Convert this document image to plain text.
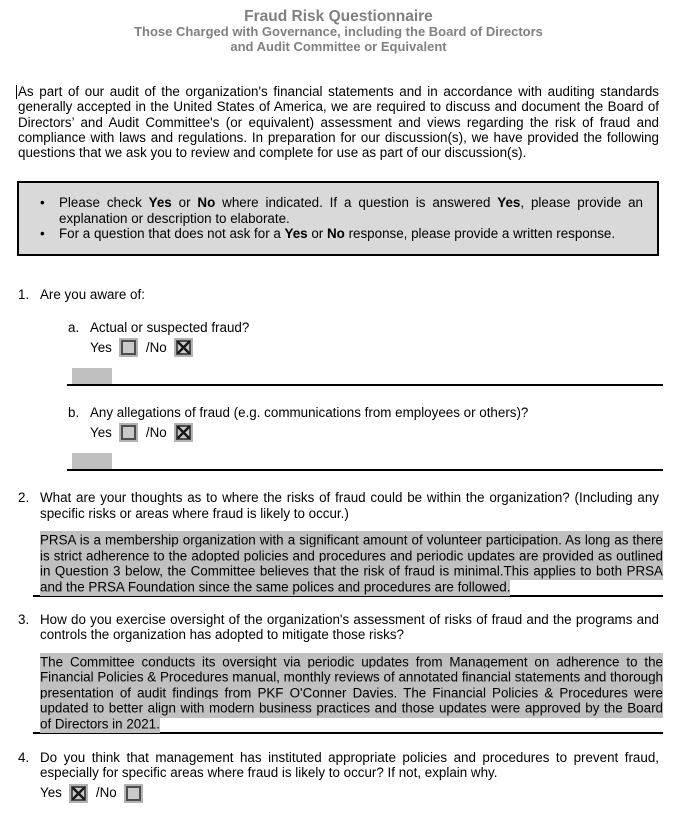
Fraud Risk Questionnaire
Those Charged with Governance, including the Board of Directors
and Audit Committee or Equivalent
As part of our audit of the organization's financial statements and in accordance with auditing standards generally accepted in the United States of America, we are required to discuss and document the Board of Directors’ and Audit Committee's (or equivalent) assessment and views regarding the risk of fraud and compliance with laws and regulations. In preparation for our discussion(s), we have provided the following questions that we ask you to review and complete for use as part of our discussion(s).
•	Please check Yes or No where indicated. If a question is answered Yes, please provide an explanation or description to elaborate.
•	For a question that does not ask for a Yes or No response, please provide a written response.
1. Are you aware of:
a. Actual or suspected fraud?
Yes	/No
b. Any allegations of fraud (e.g. communications from employees or others)?
Yes	/No
2. What are your thoughts as to where the risks of fraud could be within the organization? (Including any specific risks or areas where fraud is likely to occur.)
PRSA is a membership organization with a significant amount of volunteer participation. As long as there is strict adherence to the adopted policies and procedures and periodic updates are provided as outlined in Question 3 below, the Committee believes that the risk of fraud is minimal.This applies to both PRSA and the PRSA Foundation since the same polices and procedures are followed.
3. How do you exercise oversight of the organization's assessment of risks of fraud and the programs and controls the organization has adopted to mitigate those risks?
The Committee conducts its oversight via periodic updates from Management on adherence to the Financial Policies & Procedures manual, monthly reviews of annotated financial statements and thorough presentation of audit findings from PKF O'Conner Davies. The Financial Policies & Procedures were updated to better align with modern business practices and those updates were approved by the Board of Directors in 2021.
4. Do you think that management has instituted appropriate policies and procedures to prevent fraud, especially for specific areas where fraud is likely to occur? If not, explain why.
Yes	/No
